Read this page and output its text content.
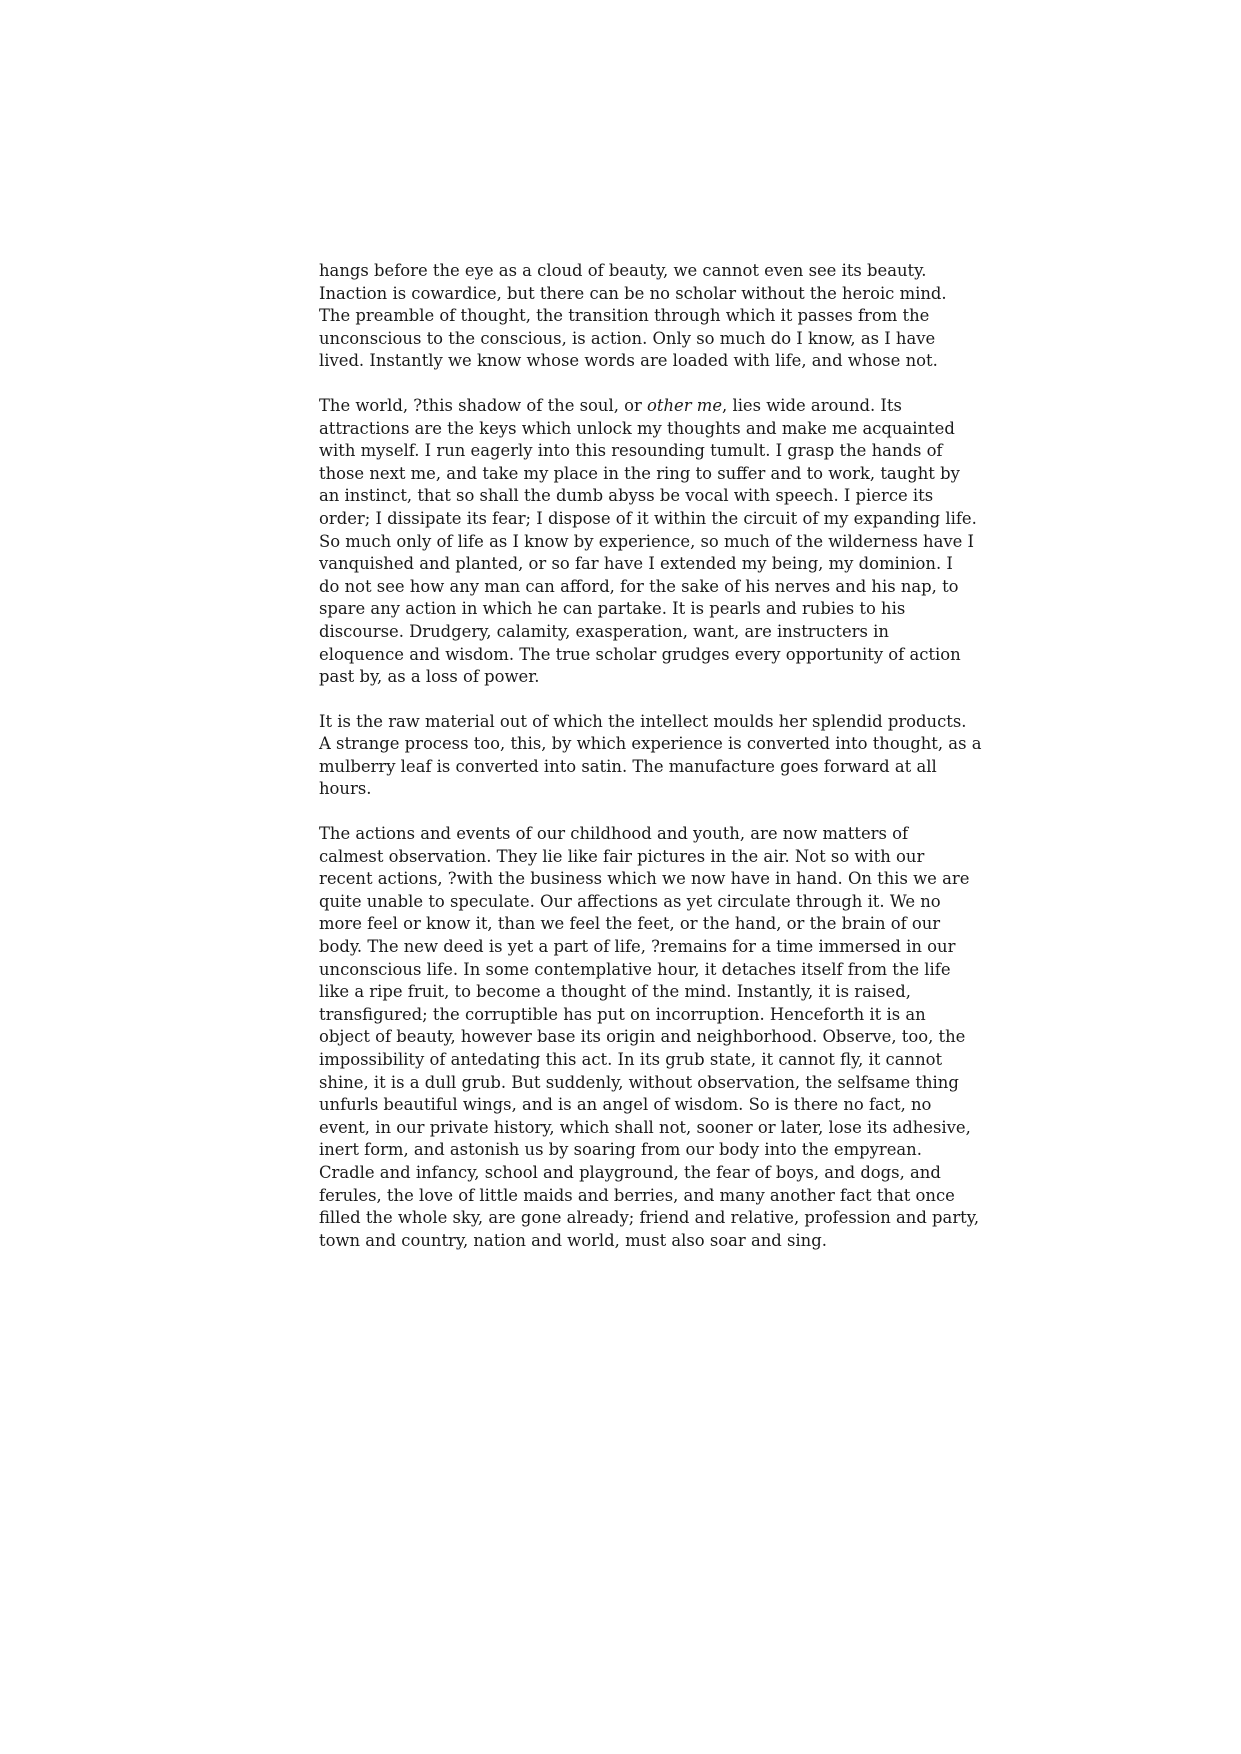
hangs before the eye as a cloud of beauty, we cannot even see its beauty.
Inaction is cowardice, but there can be no scholar without the heroic mind.
The preamble of thought, the transition through which it passes from the
unconscious to the conscious, is action. Only so much do I know, as I have
lived. Instantly we know whose words are loaded with life, and whose not.

The world, ?this shadow of the soul, or other me, lies wide around. Its
attractions are the keys which unlock my thoughts and make me acquainted
with myself. I run eagerly into this resounding tumult. I grasp the hands of
those next me, and take my place in the ring to suffer and to work, taught by
an instinct, that so shall the dumb abyss be vocal with speech. I pierce its
order; I dissipate its fear; I dispose of it within the circuit of my expanding life.
So much only of life as I know by experience, so much of the wilderness have I
vanquished and planted, or so far have I extended my being, my dominion. I
do not see how any man can afford, for the sake of his nerves and his nap, to
spare any action in which he can partake. It is pearls and rubies to his
discourse. Drudgery, calamity, exasperation, want, are instructers in
eloquence and wisdom. The true scholar grudges every opportunity of action
past by, as a loss of power.

It is the raw material out of which the intellect moulds her splendid products.
A strange process too, this, by which experience is converted into thought, as a
mulberry leaf is converted into satin. The manufacture goes forward at all
hours.

The actions and events of our childhood and youth, are now matters of
calmest observation. They lie like fair pictures in the air. Not so with our
recent actions, ?with the business which we now have in hand. On this we are
quite unable to speculate. Our affections as yet circulate through it. We no
more feel or know it, than we feel the feet, or the hand, or the brain of our
body. The new deed is yet a part of life, ?remains for a time immersed in our
unconscious life. In some contemplative hour, it detaches itself from the life
like a ripe fruit, to become a thought of the mind. Instantly, it is raised,
transfigured; the corruptible has put on incorruption. Henceforth it is an
object of beauty, however base its origin and neighborhood. Observe, too, the
impossibility of antedating this act. In its grub state, it cannot fly, it cannot
shine, it is a dull grub. But suddenly, without observation, the selfsame thing
unfurls beautiful wings, and is an angel of wisdom. So is there no fact, no
event, in our private history, which shall not, sooner or later, lose its adhesive,
inert form, and astonish us by soaring from our body into the empyrean.
Cradle and infancy, school and playground, the fear of boys, and dogs, and
ferules, the love of little maids and berries, and many another fact that once
filled the whole sky, are gone already; friend and relative, profession and party,
town and country, nation and world, must also soar and sing.
